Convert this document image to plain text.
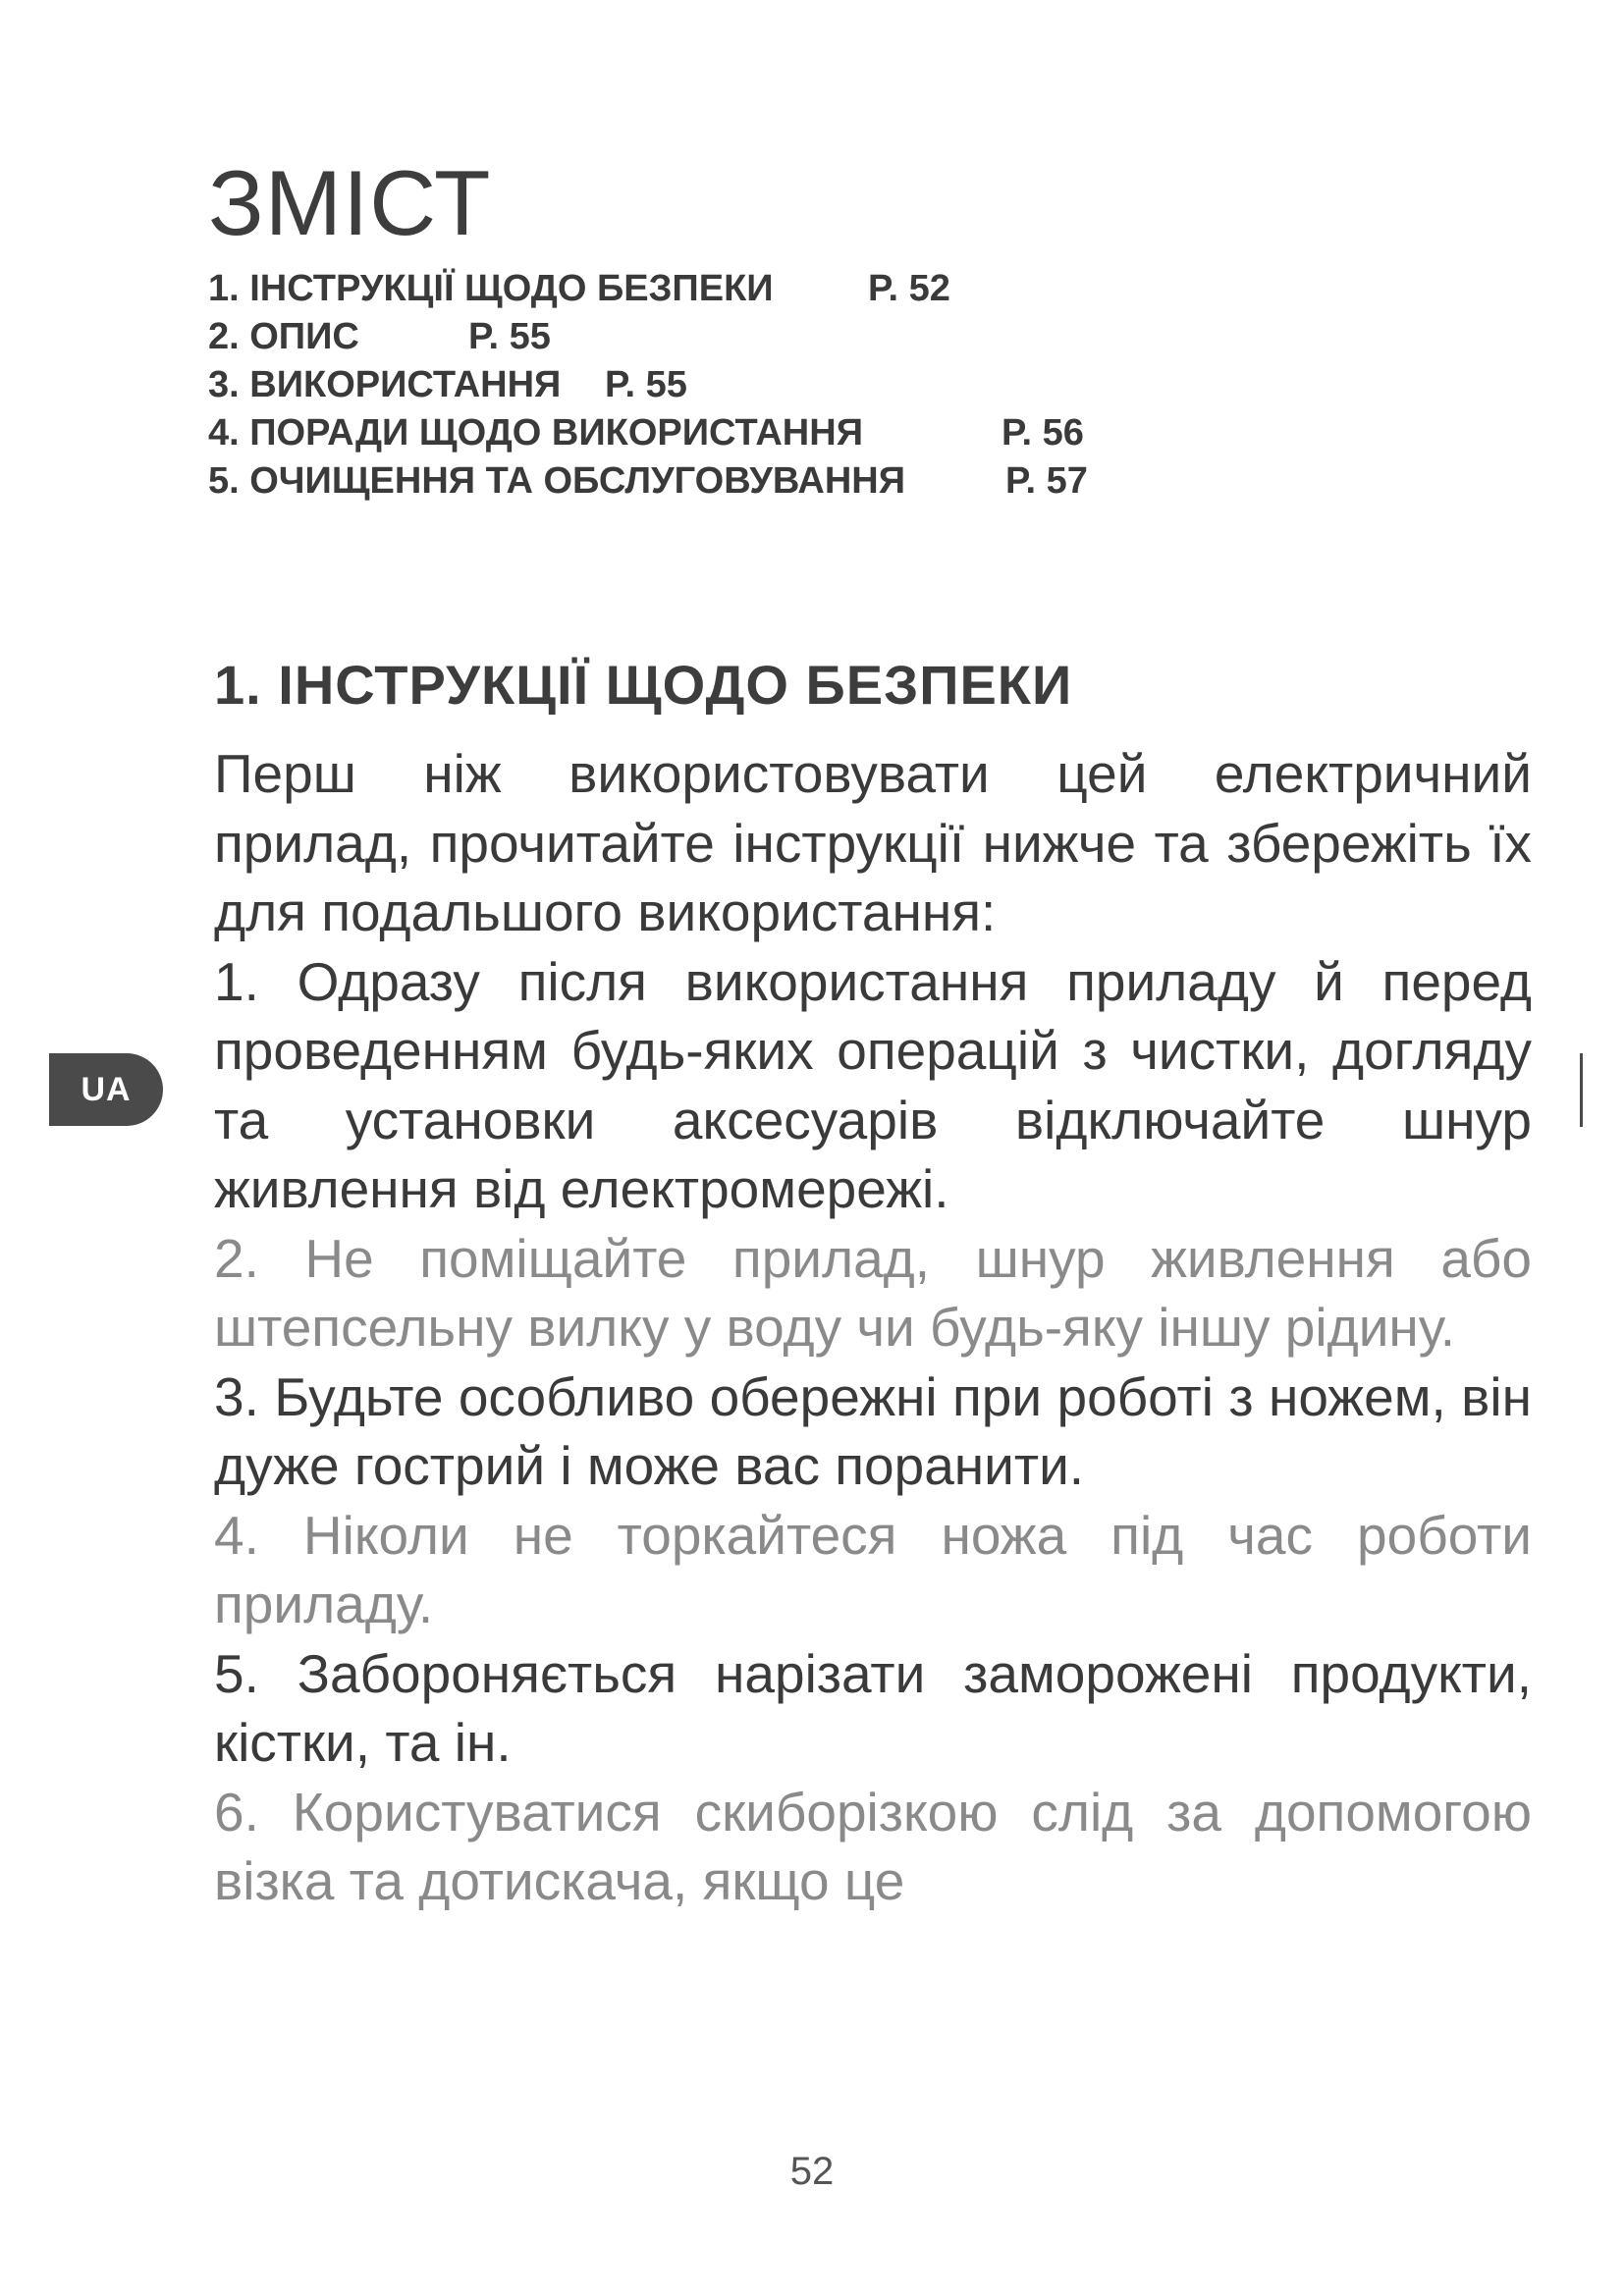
ЗМІСТ
1. ІНСТРУКЦІЇ ЩОДО БЕЗПЕКИ	P. 52
2. ОПИС	P. 55
3. ВИКОРИСТАННЯ P. 55
4. ПОРАДИ ЩОДО ВИКОРИСТАННЯ	P. 56
5. ОЧИЩЕННЯ ТА ОБСЛУГОВУВАННЯ	P. 57
1. ІНСТРУКЦІЇ ЩОДО БЕЗПЕКИ

Перш ніж використовувати цей електричний прилад, прочитайте інструкції нижче та збережіть їх для подальшого використання:

1. Одразу після використання приладу й перед проведенням будь-яких операцій з чистки, догляду та установки аксесуарів відключайте шнур живлення від електромережі.

2. Не поміщайте прилад, шнур живлення або штепсельну вилку у воду чи будь-яку іншу рідину.

3. Будьте особливо обережні при роботі з ножем, він дуже гострий і може вас поранити.

4. Ніколи не торкайтеся ножа під час роботи приладу.

5. Забороняється нарізати заморожені продукти, кістки, та ін.

6. Користуватися скиборізкою слід за допомогою візка та дотискача, якщо це

UA
52
